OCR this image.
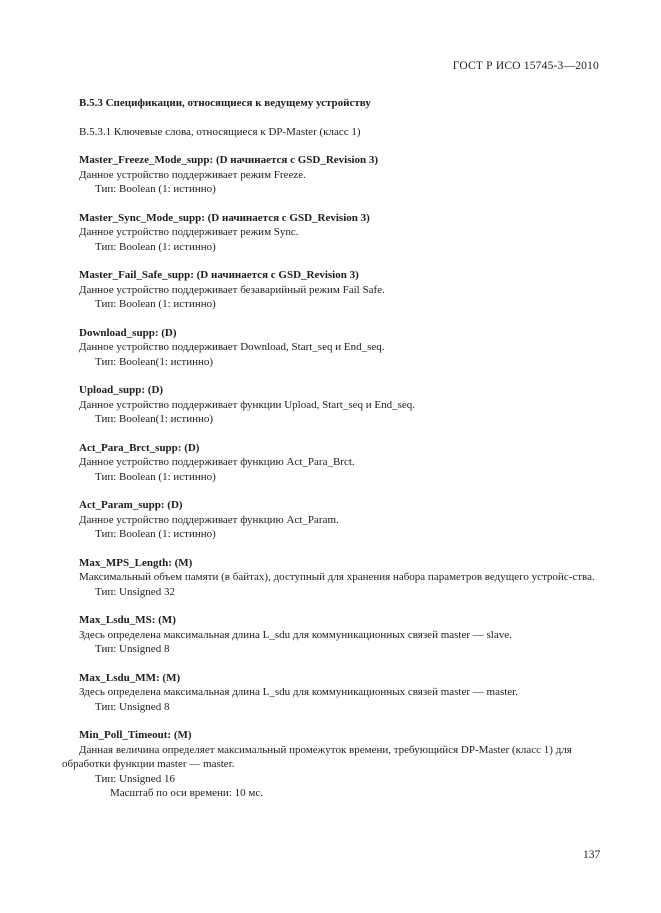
ГОСТ Р ИСО 15745-3—2010

B.5.3 Спецификации, относящиеся к ведущему устройству

B.5.3.1 Ключевые слова, относящиеся к DP-Master (класс 1)
Master_Freeze_Mode_supp: (D начинается с GSD_Revision 3)
Данное устройство поддерживает режим Freeze.
Тип: Boolean (1: истинно)
Master_Sync_Mode_supp: (D начинается с GSD_Revision 3)
Данное устройство поддерживает режим Sync.
Тип: Boolean (1: истинно)
Master_Fail_Safe_supp: (D начинается с GSD_Revision 3)
Данное устройство поддерживает безаварийный режим Fail Safe.
Тип: Boolean (1: истинно)
Download_supp: (D)
Данное устройство поддерживает Download, Start_seq и End_seq.
Тип: Boolean(1: истинно)
Upload_supp: (D)
Данное устройство поддерживает функции Upload, Start_seq и End_seq.
Тип: Boolean(1: истинно)
Act_Para_Brct_supp: (D)
Данное устройство поддерживает функцию Act_Para_Brct.
Тип: Boolean (1: истинно)
Act_Param_supp: (D)
Данное устройство поддерживает функцию Act_Param.
Тип: Boolean (1: истинно)
Max_MPS_Length: (M)
Максимальный объем памяти (в байтах), доступный для хранения набора параметров ведущего устройс-ства.
Тип: Unsigned 32
Max_Lsdu_MS: (M)
Здесь определена максимальная длина L_sdu для коммуникационных связей master — slave.
Тип: Unsigned 8
Max_Lsdu_MM: (M)
Здесь определена максимальная длина L_sdu для коммуникационных связей master — master.
Тип: Unsigned 8
Min_Poll_Timeout: (M)
Данная величина определяет максимальный промежуток времени, требующийся DP-Master (класс 1) для обработки функции master — master.
Тип: Unsigned 16
Масштаб по оси времени: 10 мс.
137
